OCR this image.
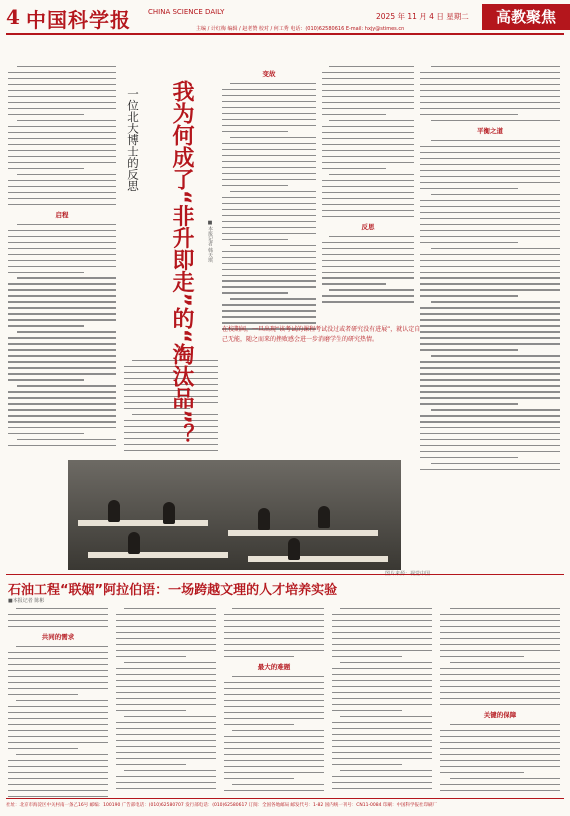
4 中国科学报 CHINA SCIENCE DAILY	2025 年 11 月 4 日 星期二
主编 / 计红梅 编辑 / 赵老赞 校对 / 何工秀 电话：(010)62580616 E-mail: hxjy@stimes.cn
高教聚焦
启程
一位北大博士的反思	我为何成了“非升即走”的“淘汰品”？	■本报记者 韩天琪
变故
反思
平衡之道
在校期间，一旦出现“该考试的课程考试没过或者研究没有进展”，就认定自己无能，随之而来的挫败感会进一步消磨学生的研究热情。
石油工程“联姻”阿拉伯语：一场跨越文理的人才培养实验
■本报记者 陈彬
共同的需求
最大的难题
关键的保障
社址：北京市海淀区中关村南一条乙16号 邮编：100190 广告部电话：(010)62580707 发行部电话：(010)62580617 订阅：全国各地邮局 邮发代号：1-82 国内统一刊号：CN11-0084 印刷：中国科学报社印刷厂
